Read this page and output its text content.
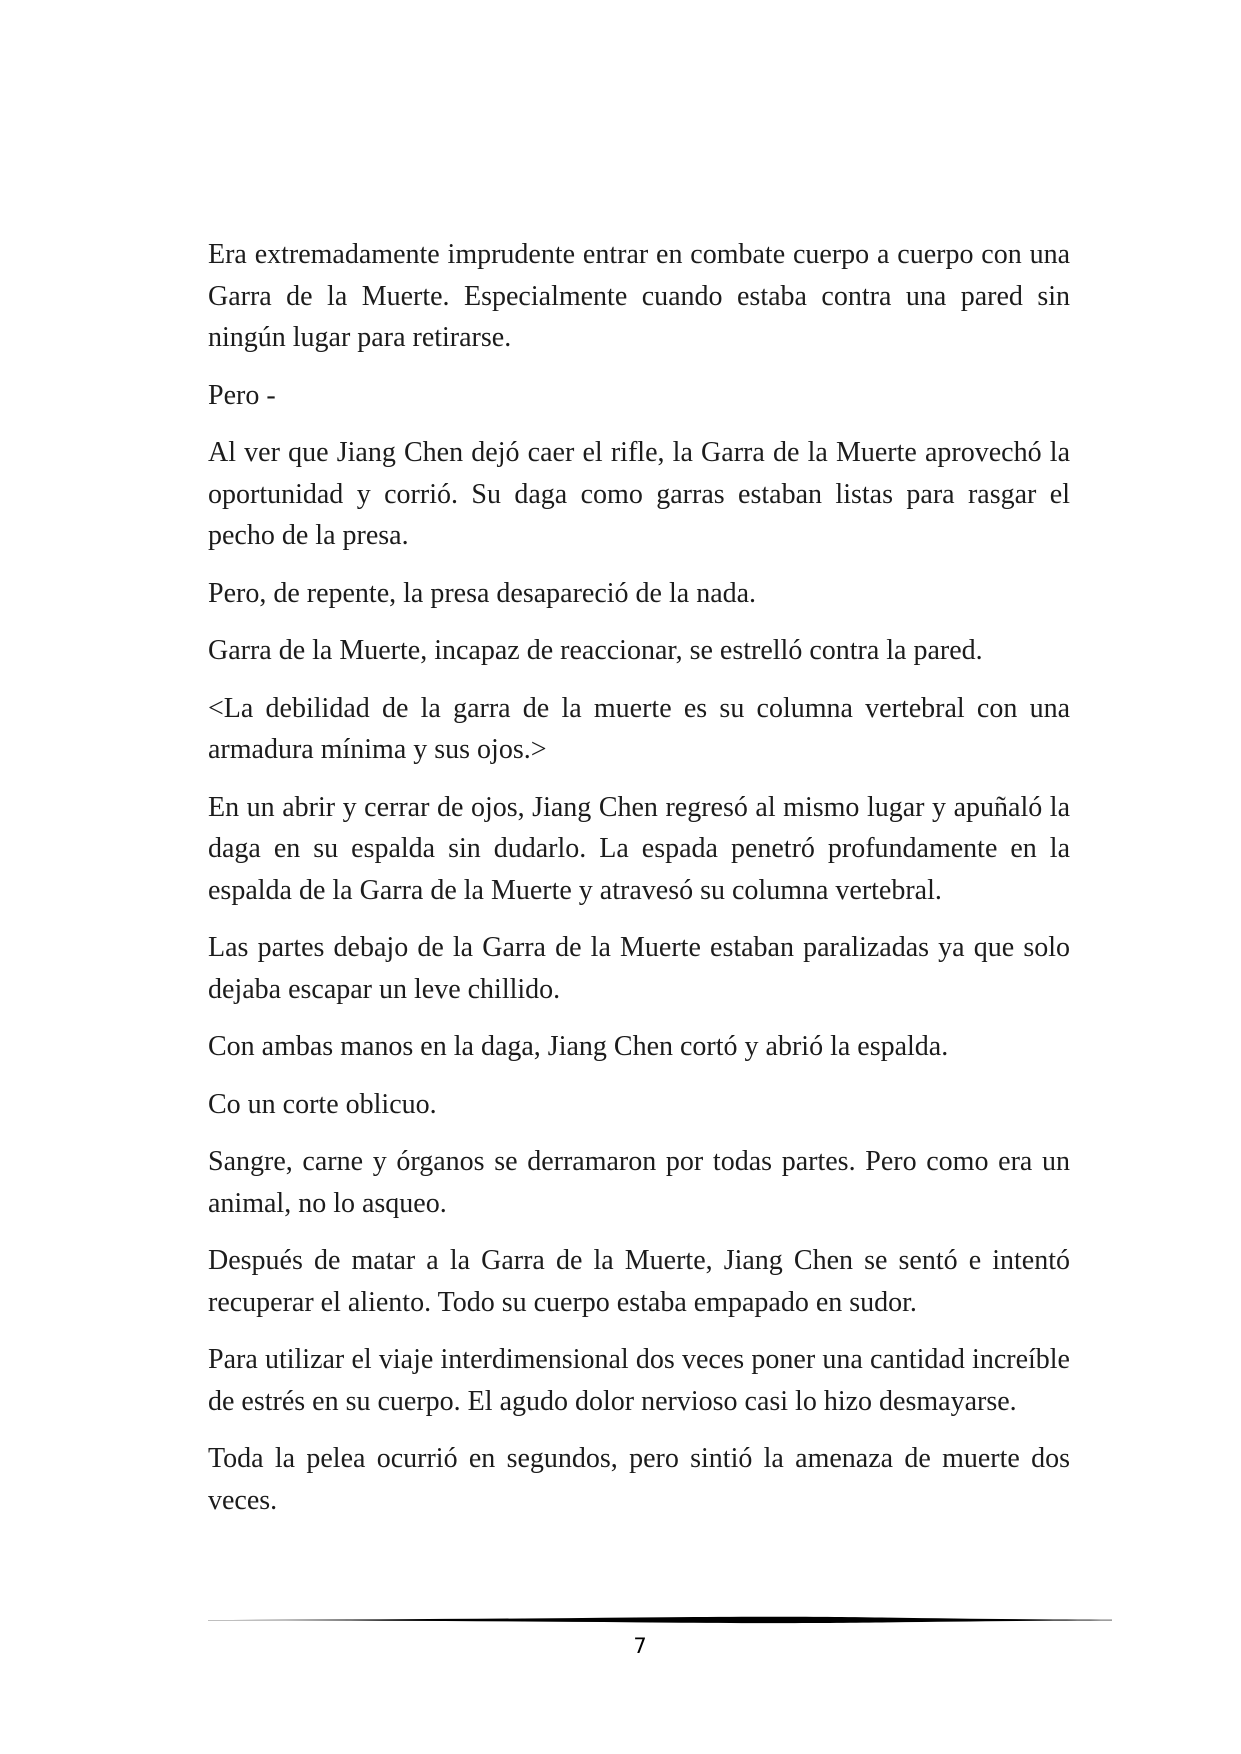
Era extremadamente imprudente entrar en combate cuerpo a cuerpo con una Garra de la Muerte. Especialmente cuando estaba contra una pared sin ningún lugar para retirarse.

Pero -

Al ver que Jiang Chen dejó caer el rifle, la Garra de la Muerte aprovechó la oportunidad y corrió. Su daga como garras estaban listas para rasgar el pecho de la presa.

Pero, de repente, la presa desapareció de la nada.

Garra de la Muerte, incapaz de reaccionar, se estrelló contra la pared.

<La debilidad de la garra de la muerte es su columna vertebral con una armadura mínima y sus ojos.>

En un abrir y cerrar de ojos, Jiang Chen regresó al mismo lugar y apuñaló la daga en su espalda sin dudarlo. La espada penetró profundamente en la espalda de la Garra de la Muerte y atravesó su columna vertebral.

Las partes debajo de la Garra de la Muerte estaban paralizadas ya que solo dejaba escapar un leve chillido.

Con ambas manos en la daga, Jiang Chen cortó y abrió la espalda.

Co un corte oblicuo.

Sangre, carne y órganos se derramaron por todas partes. Pero como era un animal, no lo asqueo.

Después de matar a la Garra de la Muerte, Jiang Chen se sentó e intentó recuperar el aliento. Todo su cuerpo estaba empapado en sudor.

Para utilizar el viaje interdimensional dos veces poner una cantidad increíble de estrés en su cuerpo. El agudo dolor nervioso casi lo hizo desmayarse.

Toda la pelea ocurrió en segundos, pero sintió la amenaza de muerte dos veces.

7
